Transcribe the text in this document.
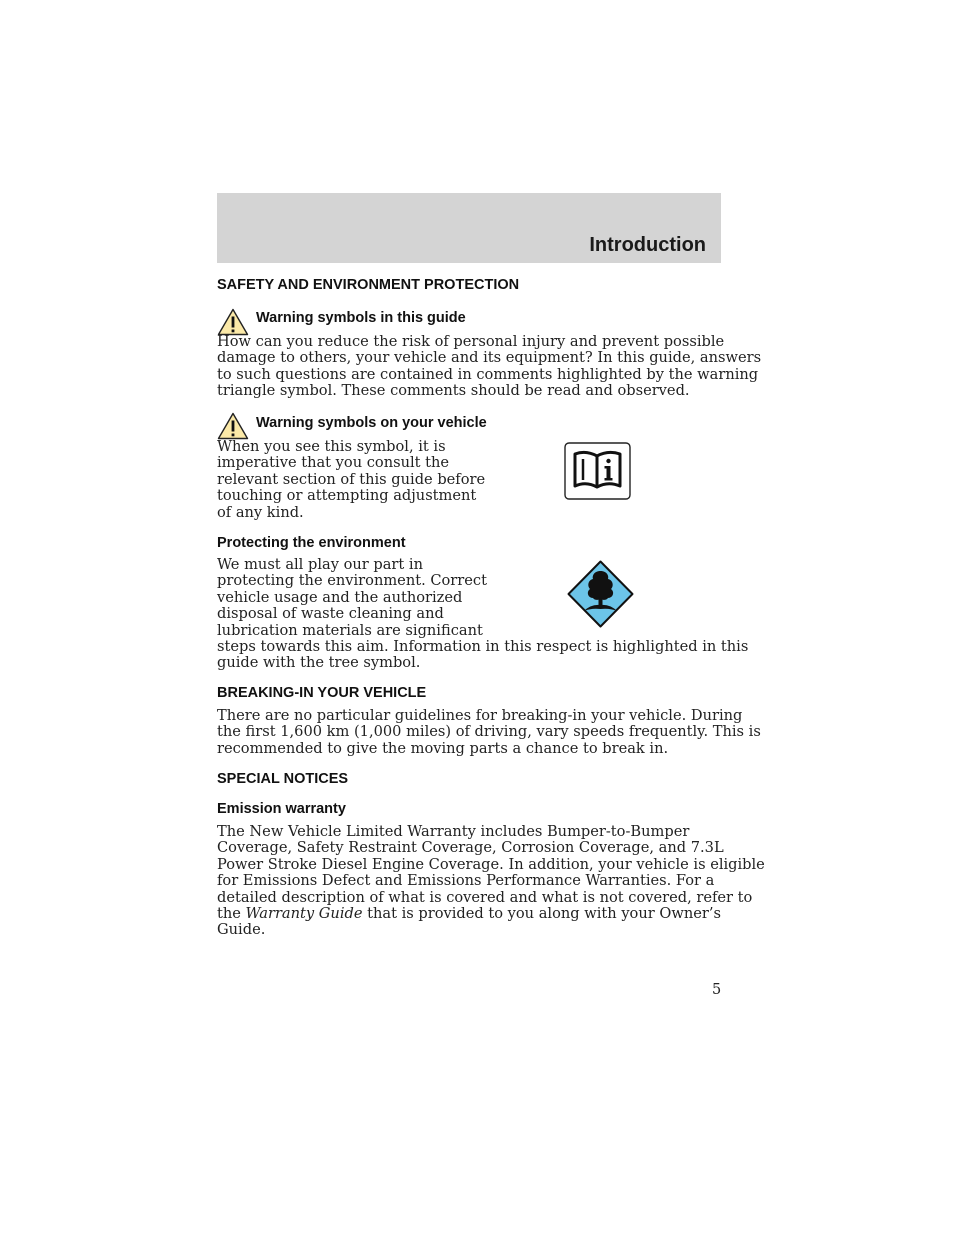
Introduction
SAFETY AND ENVIRONMENT PROTECTION
Warning symbols in this guide
How can you reduce the risk of personal injury and prevent possible
damage to others, your vehicle and its equipment? In this guide, answers
to such questions are contained in comments highlighted by the warning
triangle symbol. These comments should be read and observed.
Warning symbols on your vehicle
When you see this symbol, it is
imperative that you consult the
relevant section of this guide before
touching or attempting adjustment
of any kind.
Protecting the environment
We must all play our part in
protecting the environment. Correct
vehicle usage and the authorized
disposal of waste cleaning and
lubrication materials are significant
steps towards this aim. Information in this respect is highlighted in this
guide with the tree symbol.
BREAKING-IN YOUR VEHICLE
There are no particular guidelines for breaking-in your vehicle. During
the first 1,600 km (1,000 miles) of driving, vary speeds frequently. This is
recommended to give the moving parts a chance to break in.
SPECIAL NOTICES
Emission warranty
The New Vehicle Limited Warranty includes Bumper-to-Bumper
Coverage, Safety Restraint Coverage, Corrosion Coverage, and 7.3L
Power Stroke Diesel Engine Coverage. In addition, your vehicle is eligible
for Emissions Defect and Emissions Performance Warranties. For a
detailed description of what is covered and what is not covered, refer to
the Warranty Guide that is provided to you along with your Owner’s
Guide.
5
